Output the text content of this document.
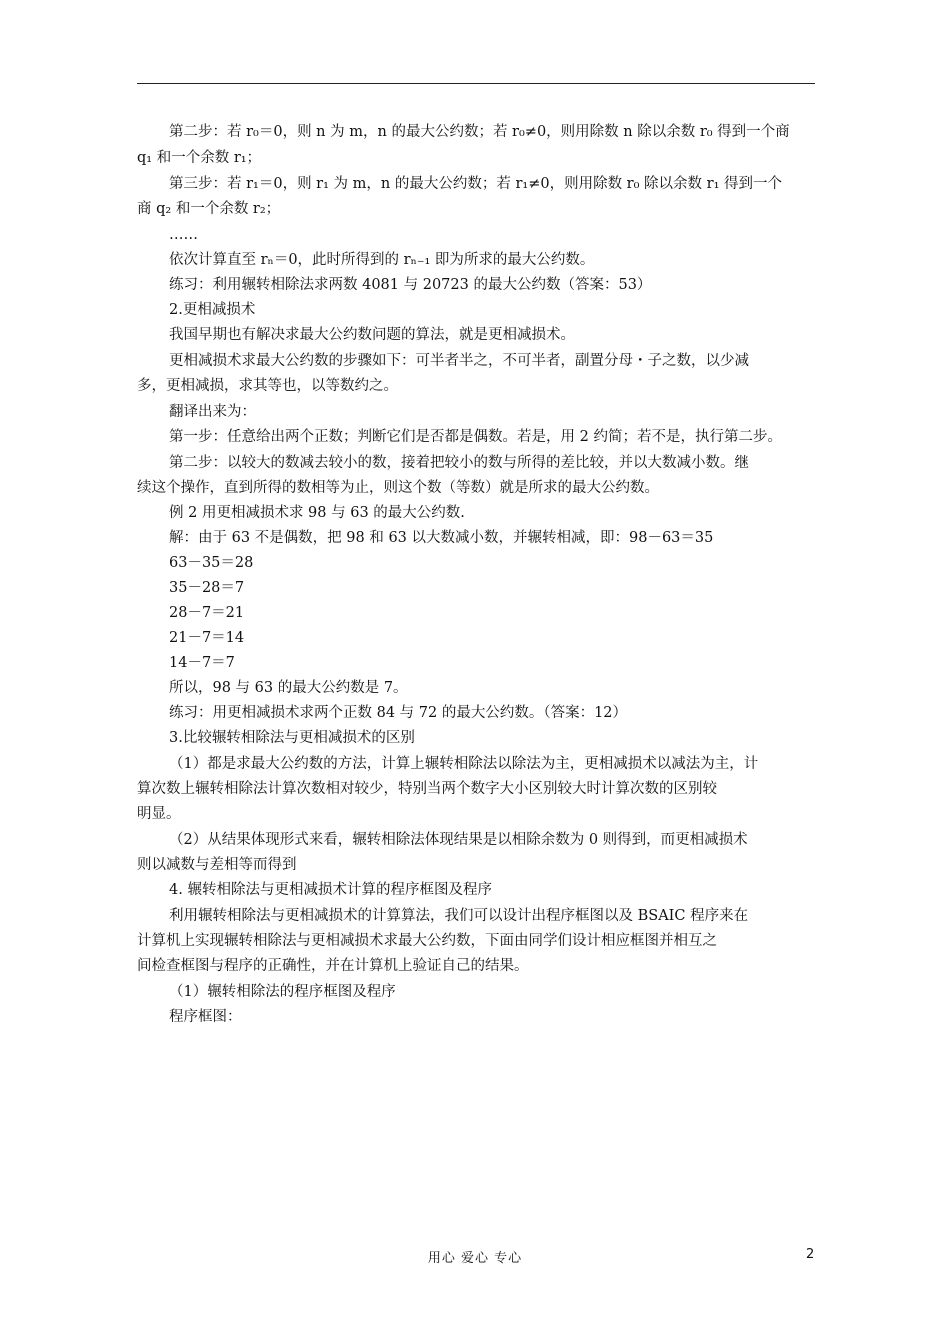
第二步：若 r₀＝0，则 n 为 m，n 的最大公约数；若 r₀≠0，则用除数 n 除以余数 r₀ 得到一个商
q₁ 和一个余数 r₁；
第三步：若 r₁＝0，则 r₁ 为 m，n 的最大公约数；若 r₁≠0，则用除数 r₀ 除以余数 r₁ 得到一个
商 q₂ 和一个余数 r₂；
……
依次计算直至 rₙ＝0，此时所得到的 rₙ₋₁ 即为所求的最大公约数。
练习：利用辗转相除法求两数 4081 与 20723 的最大公约数（答案：53）
2.更相减损术
我国早期也有解决求最大公约数问题的算法，就是更相减损术。
更相减损术求最大公约数的步骤如下：可半者半之，不可半者，副置分母・子之数，以少减
多，更相减损，求其等也，以等数约之。
翻译出来为：
第一步：任意给出两个正数；判断它们是否都是偶数。若是，用 2 约简；若不是，执行第二步。
第二步：以较大的数减去较小的数，接着把较小的数与所得的差比较，并以大数减小数。继
续这个操作，直到所得的数相等为止，则这个数（等数）就是所求的最大公约数。
例 2 用更相减损术求 98 与 63 的最大公约数.
解：由于 63 不是偶数，把 98 和 63 以大数减小数，并辗转相减，即：98－63＝35
63－35＝28
35－28＝7
28－7＝21
21－7＝14
14－7＝7
所以，98 与 63 的最大公约数是 7。
练习：用更相减损术求两个正数 84 与 72 的最大公约数。（答案：12）
3.比较辗转相除法与更相减损术的区别
（1）都是求最大公约数的方法，计算上辗转相除法以除法为主，更相减损术以减法为主，计
算次数上辗转相除法计算次数相对较少，特别当两个数字大小区别较大时计算次数的区别较
明显。
（2）从结果体现形式来看，辗转相除法体现结果是以相除余数为 0 则得到，而更相减损术
则以减数与差相等而得到
4. 辗转相除法与更相减损术计算的程序框图及程序
利用辗转相除法与更相减损术的计算算法，我们可以设计出程序框图以及 BSAIC 程序来在
计算机上实现辗转相除法与更相减损术求最大公约数，下面由同学们设计相应框图并相互之
间检查框图与程序的正确性，并在计算机上验证自己的结果。
（1）辗转相除法的程序框图及程序
程序框图：
用心 爱心 专心	2
